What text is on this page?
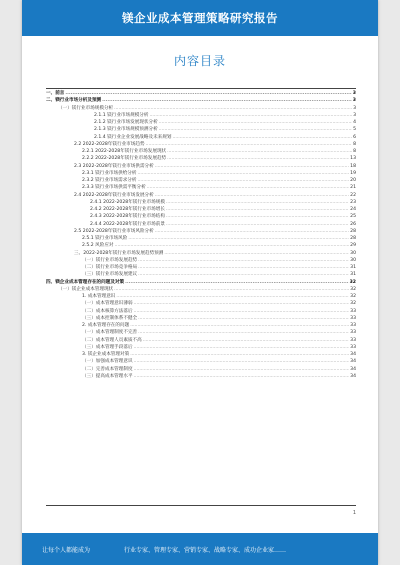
镁企业成本管理策略研究报告
内容目录
一、前言 .....	3
二、镁行业市场分析及预测 .....	3
（一）镁行业市场规模分析 .....	3
2.1.1 镁行业市场规模分析 .....	3
2.1.2 镁行业市场发展现状分析 .....	4
2.1.3 镁行业市场规模预测分析 .....	5
2.1.4 镁行业企业发展战略及未来规划 .....	6
2.2 2022-2028年镁行业市场趋势 .....	8
2.2.1 2022-2028年镁行业市场发展现状 .....	8
2.2.2 2022-2028年镁行业市场发展趋势 .....	13
2.3 2022-2028年镁行业市场供需分析 .....	18
2.3.1 镁行业市场供给分析 .....	19
2.3.2 镁行业市场需求分析 .....	20
2.3.3 镁行业市场供需平衡分析 .....	21
2.4 2022-2028年镁行业市场发展分析 .....	22
2.4.1 2022-2028年镁行业市场规模 .....	23
2.4.2 2022-2028年镁行业市场增长 .....	24
2.4.3 2022-2028年镁行业市场结构 .....	25
2.4.4 2022-2028年镁行业市场前景 .....	26
2.5 2022-2028年镁行业市场风险分析 .....	28
2.5.1 镁行业市场风险 .....	28
2.5.2 风险应对 .....	29
三、2022-2028年镁行业市场发展趋势预测 .....	30
（一）镁行业市场发展趋势 .....	30
（二）镁行业市场竞争格局 .....	31
（三）镁行业市场发展建议 .....	31
四、镁企业成本管理存在的问题及对策 .....	32
（一）镁企业成本管理现状 .....	32
1. 成本管理意识 .....	32
（一）成本管理意识薄弱 .....	32
（二）成本核算方法落后 .....	33
（三）成本控制体系不健全 .....	33
2. 成本管理存在的问题 .....	33
（一）成本管理制度不完善 .....	33
（二）成本管理人员素质不高 .....	33
（三）成本管理手段落后 .....	33
3. 镁企业成本管理对策 .....	34
（一）加强成本管理意识 .....	34
（二）完善成本管理制度 .....	34
（三）提高成本管理水平 .....	34
1
让每个人都能成为	行业专家、管理专家、营销专家、战略专家、成功企业家……
